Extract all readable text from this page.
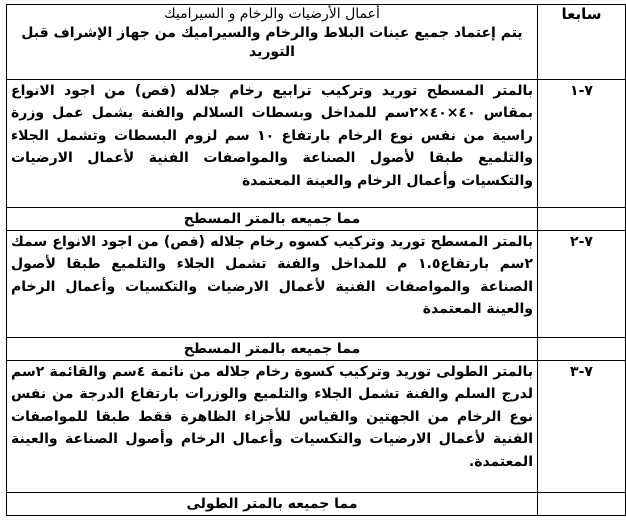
سابعا	أعمال الأرضيات والرخام و السيراميك
يتم إعتماد جميع عينات البلاط والرخام والسيراميك من جهاز الإشراف قبل التوريد
٧-١	بالمتر المسطح توريد وتركيب ترابيع رخام جلاله (فص) من اجود الانواع بمقاس ٤٠×٤٠×٢سم للمداخل وبسطات السلالم والفنة يشمل عمل وزرة راسية من نفس نوع الرخام بارتفاع ١٠ سم لزوم البسطات وتشمل الجلاء والتلميع طبقا لأصول الصناعة والمواصفات الفنية لأعمال الارضيات والتكسيات وأعمال الرخام والعينة المعتمدة
	مما جميعه بالمتر المسطح
٧-٢	بالمتر المسطح توريد وتركيب كسوه رخام جلاله (فص) من اجود الانواع سمك ٢سم بارتفاع١.٥ م للمداخل والفنة تشمل الجلاء والتلميع طبقا لأصول الصناعة والمواصفات الفنية لأعمال الارضيات والتكسيات وأعمال الرخام والعينة المعتمدة
	مما جميعه بالمتر المسطح
٧-٣	بالمتر الطولى توريد وتركيب كسوة رخام جلاله من نائمة ٤سم والقائمة ٢سم لدرج السلم والفنة تشمل الجلاء والتلميع والوزرات بارتفاع الدرجة من نفس نوع الرخام من الجهتين والقياس للأجزاء الظاهرة فقط طبقا للمواصفات الفنية لأعمال الارضيات والتكسيات وأعمال الرخام وأصول الصناعة والعينة المعتمدة.
	مما جميعه بالمتر الطولى
